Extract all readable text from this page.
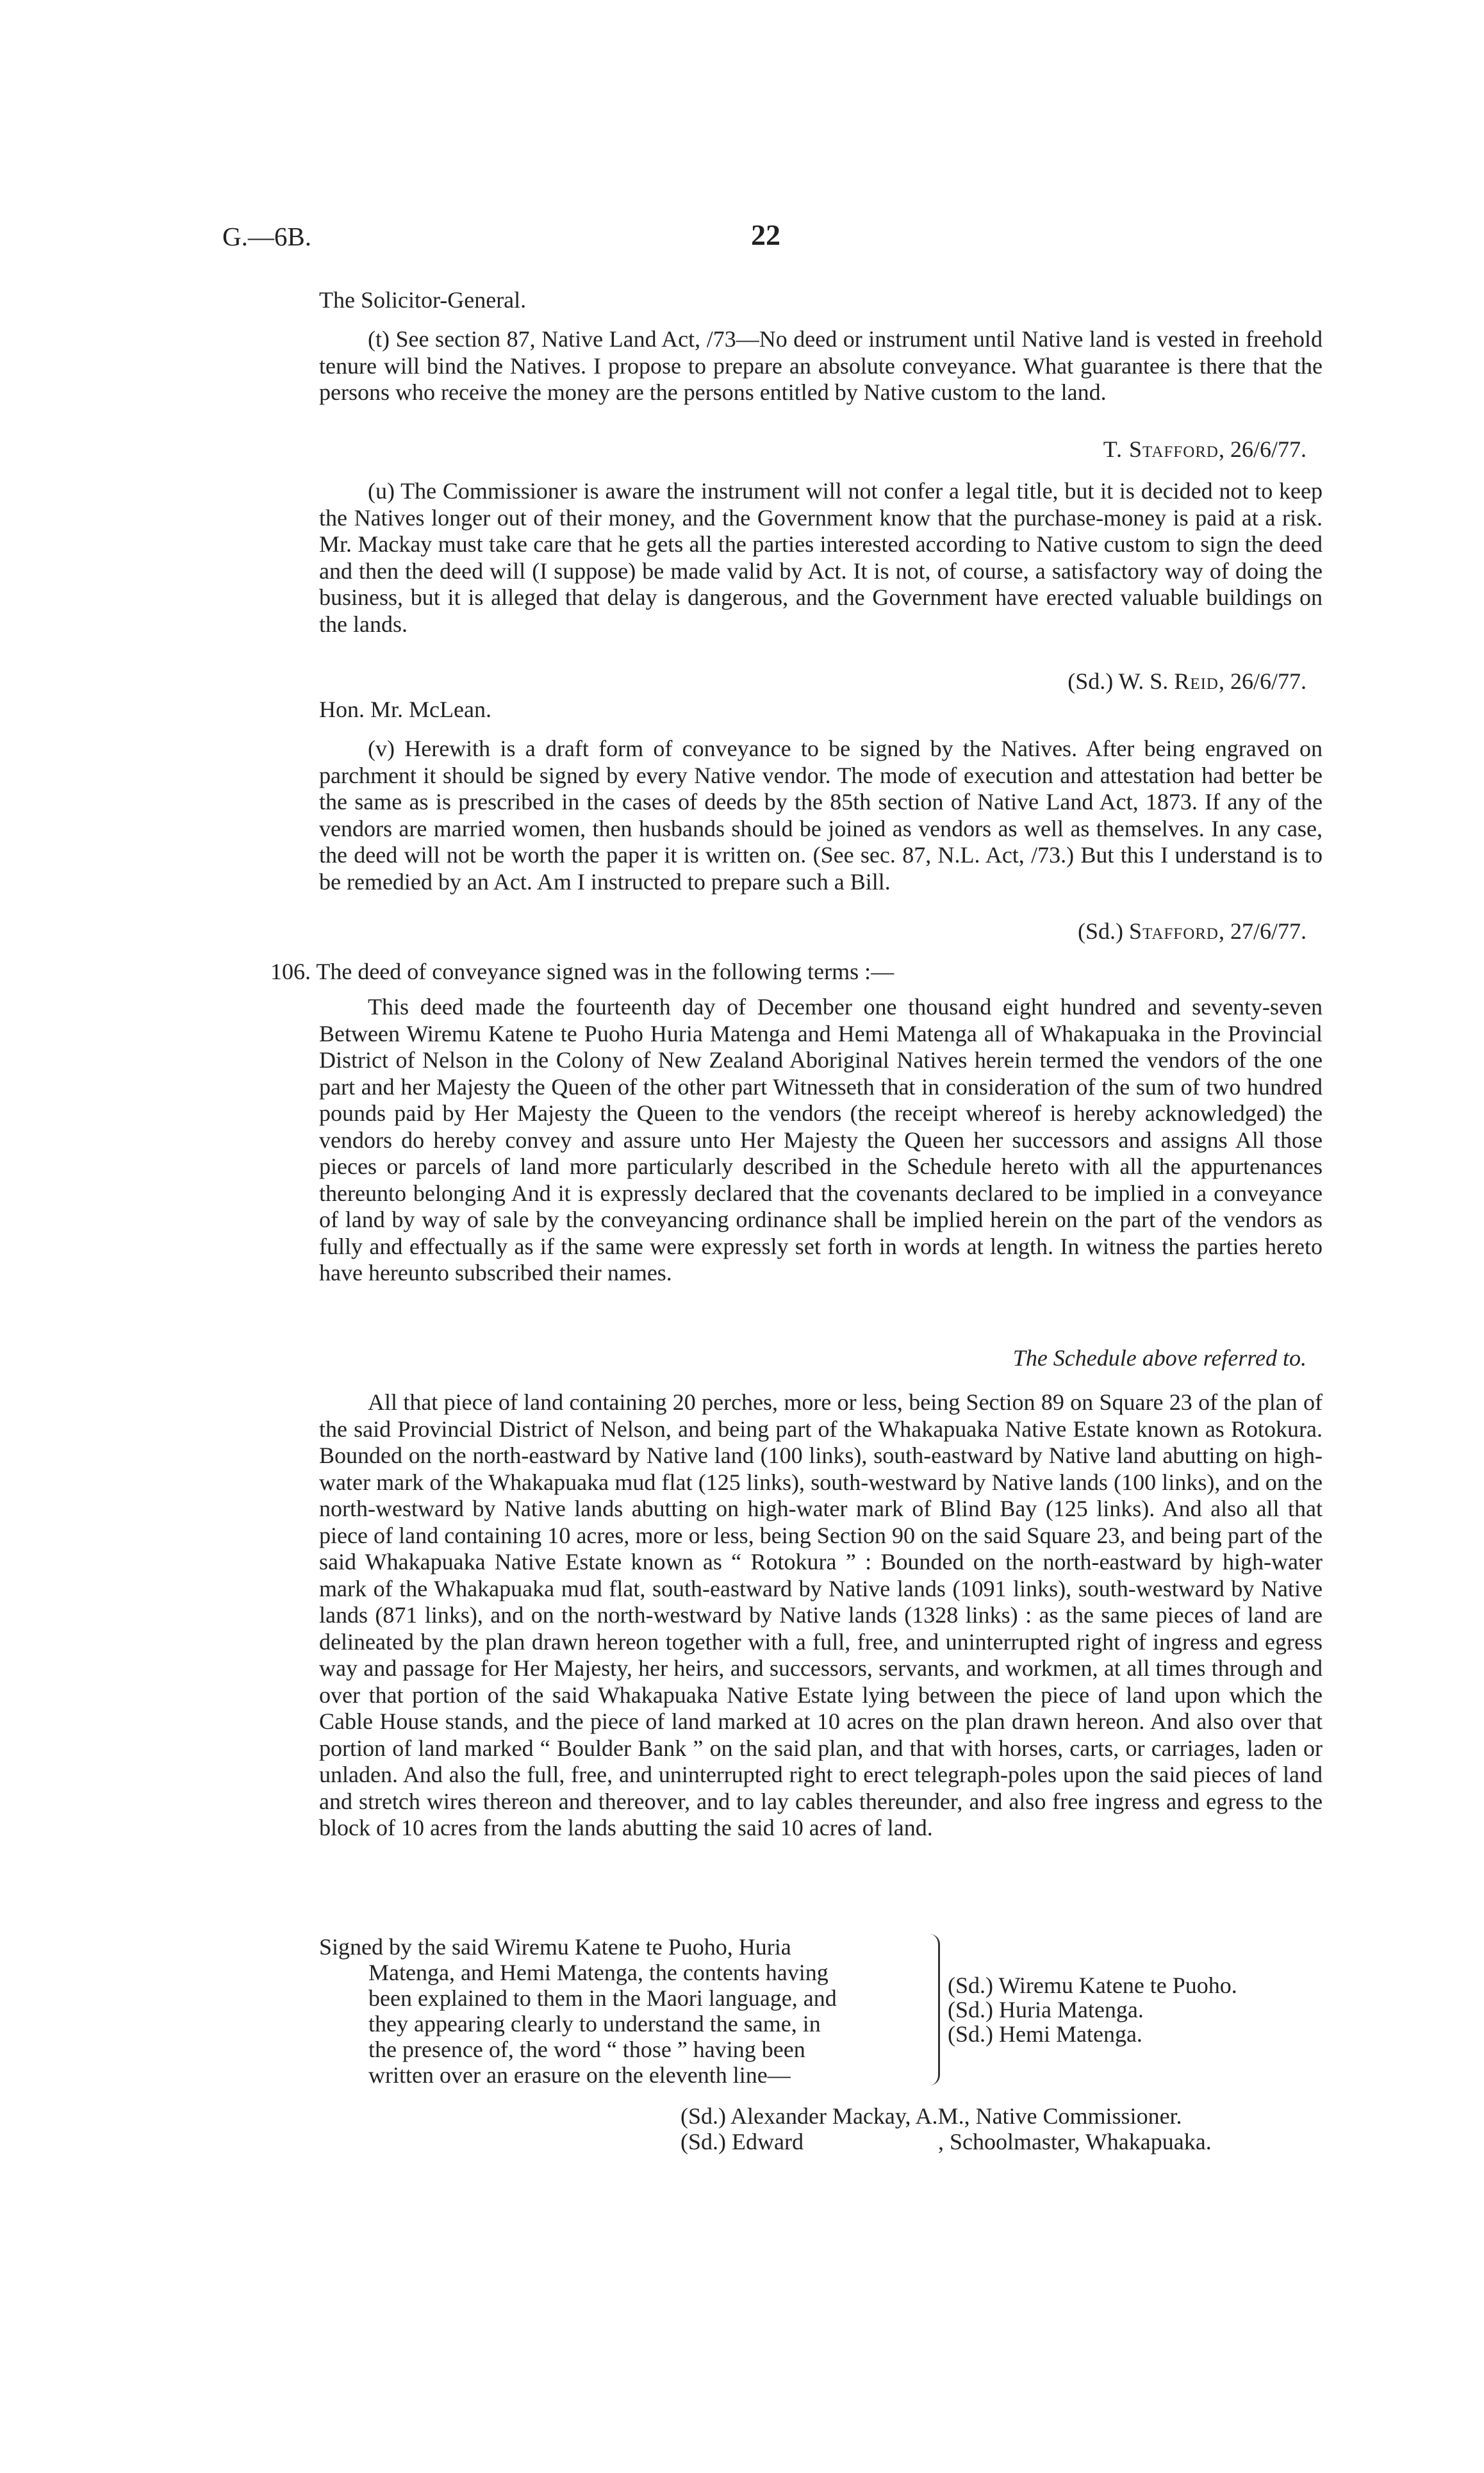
G.—6B.	22

The Solicitor-General.

(t) See section 87, Native Land Act, /73—No deed or instrument until Native land is vested in freehold tenure will bind the Natives. I propose to prepare an absolute conveyance. What guarantee is there that the persons who receive the money are the persons entitled by Native custom to the land.

T. Stafford, 26/6/77.

(u) The Commissioner is aware the instrument will not confer a legal title, but it is decided not to keep the Natives longer out of their money, and the Government know that the purchase-money is paid at a risk. Mr. Mackay must take care that he gets all the parties interested according to Native custom to sign the deed and then the deed will (I suppose) be made valid by Act. It is not, of course, a satisfactory way of doing the business, but it is alleged that delay is dangerous, and the Government have erected valuable buildings on the lands.

(Sd.) W. S. Reid, 26/6/77.

Hon. Mr. McLean.

(v) Herewith is a draft form of conveyance to be signed by the Natives. After being engraved on parchment it should be signed by every Native vendor. The mode of execution and attestation had better be the same as is prescribed in the cases of deeds by the 85th section of Native Land Act, 1873. If any of the vendors are married women, then husbands should be joined as vendors as well as themselves. In any case, the deed will not be worth the paper it is written on. (See sec. 87, N.L. Act, /73.) But this I understand is to be remedied by an Act. Am I instructed to prepare such a Bill.

(Sd.) Stafford, 27/6/77.

106. The deed of conveyance signed was in the following terms :—

This deed made the fourteenth day of December one thousand eight hundred and seventy-seven Between Wiremu Katene te Puoho Huria Matenga and Hemi Matenga all of Whakapuaka in the Provincial District of Nelson in the Colony of New Zealand Aboriginal Natives herein termed the vendors of the one part and her Majesty the Queen of the other part Witnesseth that in consideration of the sum of two hundred pounds paid by Her Majesty the Queen to the vendors (the receipt whereof is hereby acknowledged) the vendors do hereby convey and assure unto Her Majesty the Queen her successors and assigns All those pieces or parcels of land more particularly described in the Schedule hereto with all the appurtenances thereunto belonging And it is expressly declared that the covenants declared to be implied in a conveyance of land by way of sale by the conveyancing ordinance shall be implied herein on the part of the vendors as fully and effectually as if the same were expressly set forth in words at length. In witness the parties hereto have hereunto subscribed their names.

The Schedule above referred to.

All that piece of land containing 20 perches, more or less, being Section 89 on Square 23 of the plan of the said Provincial District of Nelson, and being part of the Whakapuaka Native Estate known as Rotokura. Bounded on the north-eastward by Native land (100 links), south-eastward by Native land abutting on high-water mark of the Whakapuaka mud flat (125 links), south-westward by Native lands (100 links), and on the north-westward by Native lands abutting on high-water mark of Blind Bay (125 links). And also all that piece of land containing 10 acres, more or less, being Section 90 on the said Square 23, and being part of the said Whakapuaka Native Estate known as “ Rotokura ” : Bounded on the north-eastward by high-water mark of the Whakapuaka mud flat, south-eastward by Native lands (1091 links), south-westward by Native lands (871 links), and on the north-westward by Native lands (1328 links) : as the same pieces of land are delineated by the plan drawn hereon together with a full, free, and uninterrupted right of ingress and egress way and passage for Her Majesty, her heirs, and successors, servants, and workmen, at all times through and over that portion of the said Whakapuaka Native Estate lying between the piece of land upon which the Cable House stands, and the piece of land marked at 10 acres on the plan drawn hereon. And also over that portion of land marked “ Boulder Bank ” on the said plan, and that with horses, carts, or carriages, laden or unladen. And also the full, free, and uninterrupted right to erect telegraph-poles upon the said pieces of land and stretch wires thereon and thereover, and to lay cables thereunder, and also free ingress and egress to the block of 10 acres from the lands abutting the said 10 acres of land.

Signed by the said Wiremu Katene te Puoho, Huria

Matenga, and Hemi Matenga, the contents having

been explained to them in the Maori language, and

they appearing clearly to understand the same, in

the presence of, the word “ those ” having been

written over an erasure on the eleventh line—

(Sd.) Wiremu Katene te Puoho.
(Sd.) Huria Matenga.
(Sd.) Hemi Matenga.
(Sd.) Alexander Mackay, A.M., Native Commissioner.
(Sd.) Edward	, Schoolmaster, Whakapuaka.
